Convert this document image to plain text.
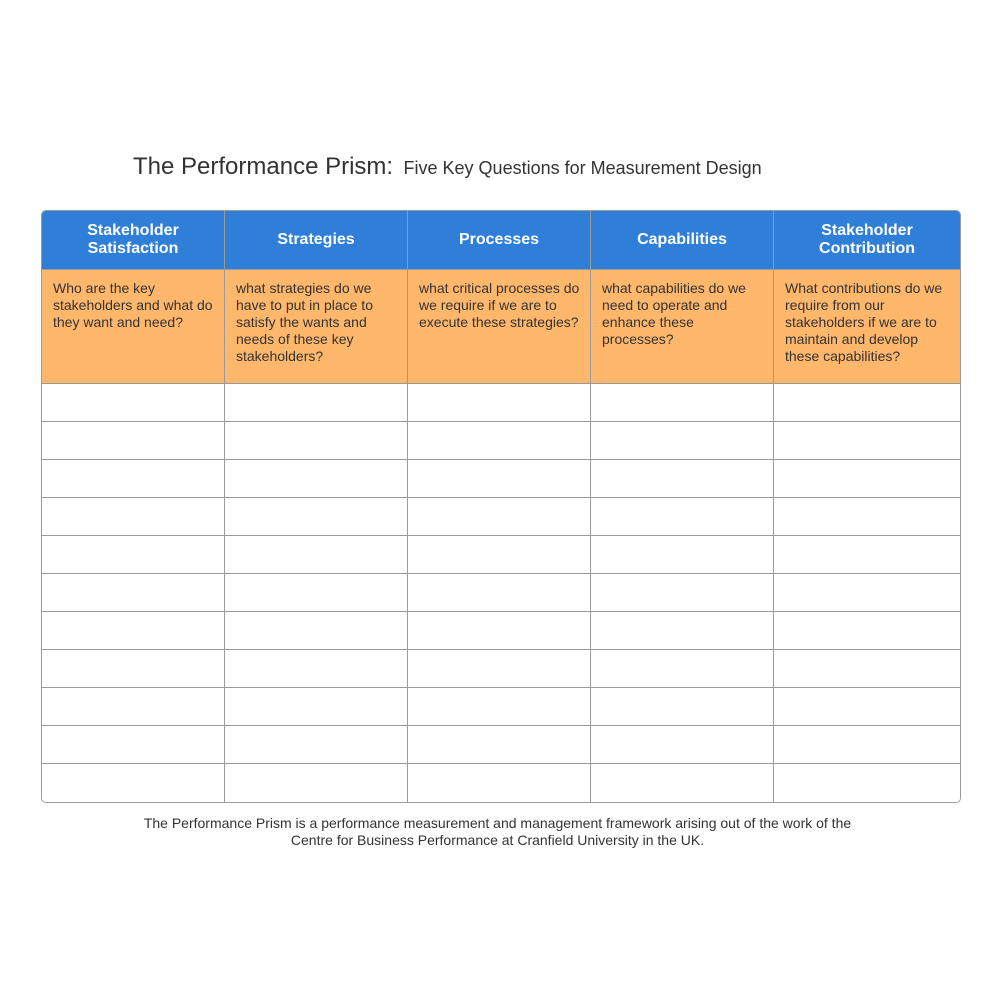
The Performance Prism: Five Key Questions for Measurement Design
Stakeholder Satisfaction	Strategies	Processes	Capabilities	Stakeholder Contribution

Who are the key stakeholders and what do they want and need?	what strategies do we have to put in place to satisfy the wants and needs of these key stakeholders?	what critical processes do we require if we are to execute these strategies?	what capabilities do we need to operate and enhance these processes?	What contributions do we require from our stakeholders if we are to maintain and develop these capabilities?

The Performance Prism is a performance measurement and management framework arising out of the work of the
Centre for Business Performance at Cranfield University in the UK.
